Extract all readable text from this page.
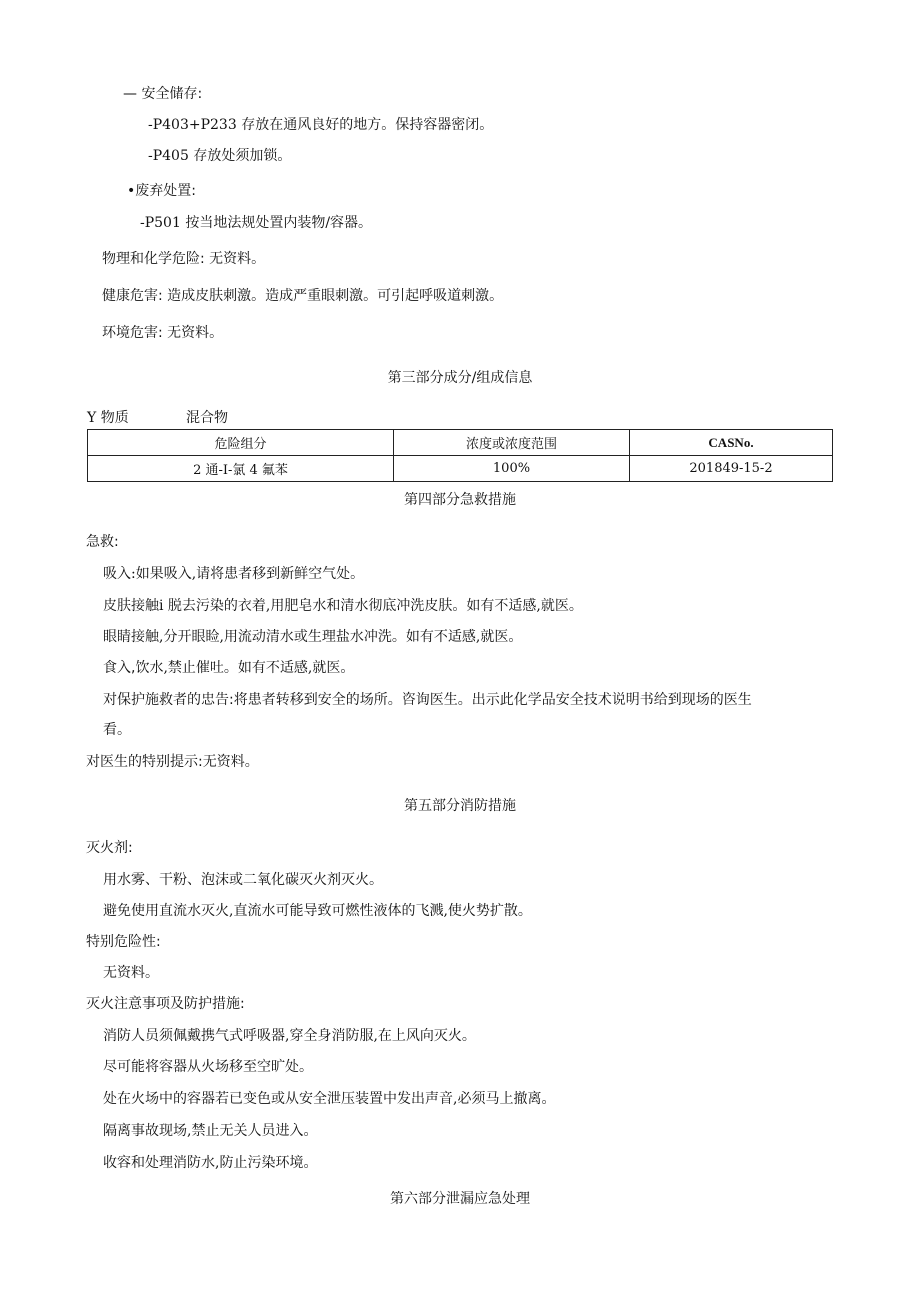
— 安全储存:
-P403+P233 存放在通风良好的地方。保持容器密闭。
-P405 存放处须加锁。
•废弃处置:
-P501 按当地法规处置内装物/容器。
物理和化学危险: 无资料。
健康危害: 造成皮肤刺激。造成严重眼刺激。可引起呼吸道刺激。
环境危害: 无资料。
第三部分成分/组成信息
Y 物质	混合物
危险组分	浓度或浓度范围	CASNo.
2 通-I-氯 4 氟苯	100%	201849-15-2
第四部分急救措施
急救:
吸入:如果吸入,请将患者移到新鲜空气处。
皮肤接触i 脱去污染的衣着,用肥皂水和清水彻底冲洗皮肤。如有不适感,就医。
眼睛接触,分开眼睑,用流动清水或生理盐水冲洗。如有不适感,就医。
食入,饮水,禁止催吐。如有不适感,就医。
对保护施救者的忠告:将患者转移到安全的场所。咨询医生。出示此化学品安全技术说明书给到现场的医生
看。
对医生的特别提示:无资料。
第五部分消防措施
灭火剂:
用水雾、干粉、泡沫或二氧化碳灭火剂灭火。
避免使用直流水灭火,直流水可能导致可燃性液体的飞溅,使火势扩散。
特别危险性:
无资料。
灭火注意事项及防护措施:
消防人员须佩戴携气式呼吸器,穿全身消防服,在上风向灭火。
尽可能将容器从火场移至空旷处。
处在火场中的容器若已变色或从安全泄压装置中发出声音,必须马上撤离。
隔离事故现场,禁止无关人员进入。
收容和处理消防水,防止污染环境。
第六部分泄漏应急处理
